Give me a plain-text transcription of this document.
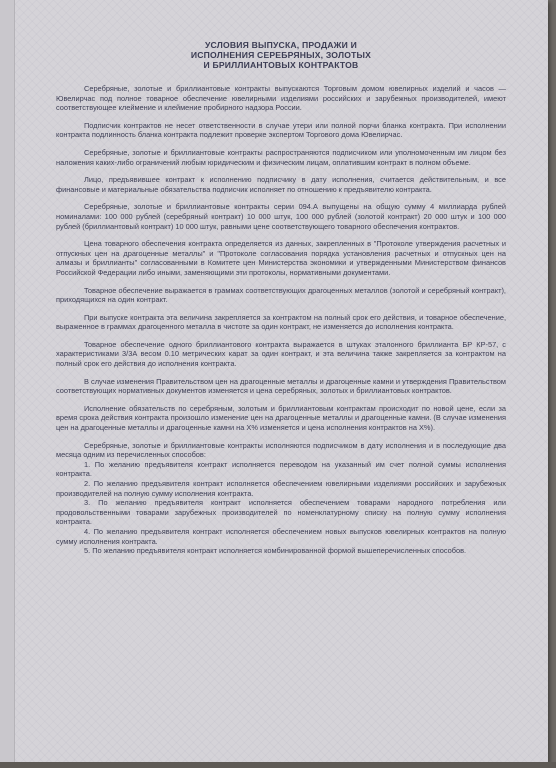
УСЛОВИЯ ВЫПУСКА, ПРОДАЖИ И
ИСПОЛНЕНИЯ СЕРЕБРЯНЫХ, ЗОЛОТЫХ
И БРИЛЛИАНТОВЫХ КОНТРАКТОВ

Серебряные, золотые и бриллиантовые контракты выпускаются Торговым домом ювелирных изделий и часов — Ювелирчас под полное товарное обеспечение ювелирными изделиями российских и зарубежных производителей, имеют соответствующее клеймение и клеймение пробирного надзора России.

Подписчик контрактов не несет ответственности в случае утери или полной порчи бланка контракта. При исполнении контракта подлинность бланка контракта подлежит проверке экспертом Торгового дома Ювелирчас.

Серебряные, золотые и бриллиантовые контракты распространяются подписчиком или уполномоченным им лицом без наложения каких-либо ограничений любым юридическим и физическим лицам, оплатившим контракт в полном объеме.

Лицо, предъявившее контракт к исполнению подписчику в дату исполнения, считается действительным, и все финансовые и материальные обязательства подписчик исполняет по отношению к предъявителю контракта.

Серебряные, золотые и бриллиантовые контракты серии 094.А выпущены на общую сумму 4 миллиарда рублей номиналами: 100 000 рублей (серебряный контракт) 10 000 штук, 100 000 рублей (золотой контракт) 20 000 штук и 100 000 рублей (бриллиантовый контракт) 10 000 штук, равными цене соответствующего товарного обеспечения контрактов.

Цена товарного обеспечения контракта определяется из данных, закрепленных в "Протоколе утверждения расчетных и отпускных цен на драгоценные металлы" и "Протоколе согласования порядка установления расчетных и отпускных цен на алмазы и бриллианты" согласованными в Комитете цен Министерства экономики и утвержденными Министерством финансов Российской Федерации либо иными, заменяющими эти протоколы, нормативными документами.

Товарное обеспечение выражается в граммах соответствующих драгоценных металлов (золотой и серебряный контракт), приходящихся на один контракт.

При выпуске контракта эта величина закрепляется за контрактом на полный срок его действия, и товарное обеспечение, выраженное в граммах драгоценного металла в чистоте за один контракт, не изменяется до исполнения контракта.

Товарное обеспечение одного бриллиантового контракта выражается в штуках эталонного бриллианта БР КР-57, с характеристиками 3/3А весом 0.10 метрических карат за один контракт, и эта величина также закрепляется за контрактом на полный срок его действия до исполнения контракта.

В случае изменения Правительством цен на драгоценные металлы и драгоценные камни и утверждения Правительством соответствующих нормативных документов изменяется и цена серебряных, золотых и бриллиантовых контрактов.

Исполнение обязательств по серебряным, золотым и бриллиантовым контрактам происходит по новой цене, если за время срока действия контракта произошло изменение цен на драгоценные металлы и драгоценные камни. (В случае изменения цен на драгоценные металлы и драгоценные камни на X% изменяется и цена исполнения контрактов на X%).

Серебряные, золотые и бриллиантовые контракты исполняются подписчиком в дату исполнения и в последующие два месяца одним из перечисленных способов:

1. По желанию предъявителя контракт исполняется переводом на указанный им счет полной суммы исполнения контракта.

2. По желанию предъявителя контракт исполняется обеспечением ювелирными изделиями российских и зарубежных производителей на полную сумму исполнения контракта.

3. По желанию предъявителя контракт исполняется обеспечением товарами народного потребления или продовольственными товарами зарубежных производителей по номенклатурному списку на полную сумму исполнения контракта.

4. По желанию предъявителя контракт исполняется обеспечением новых выпусков ювелирных контрактов на полную сумму исполнения контракта.

5. По желанию предъявителя контракт исполняется комбинированной формой вышеперечисленных способов.
